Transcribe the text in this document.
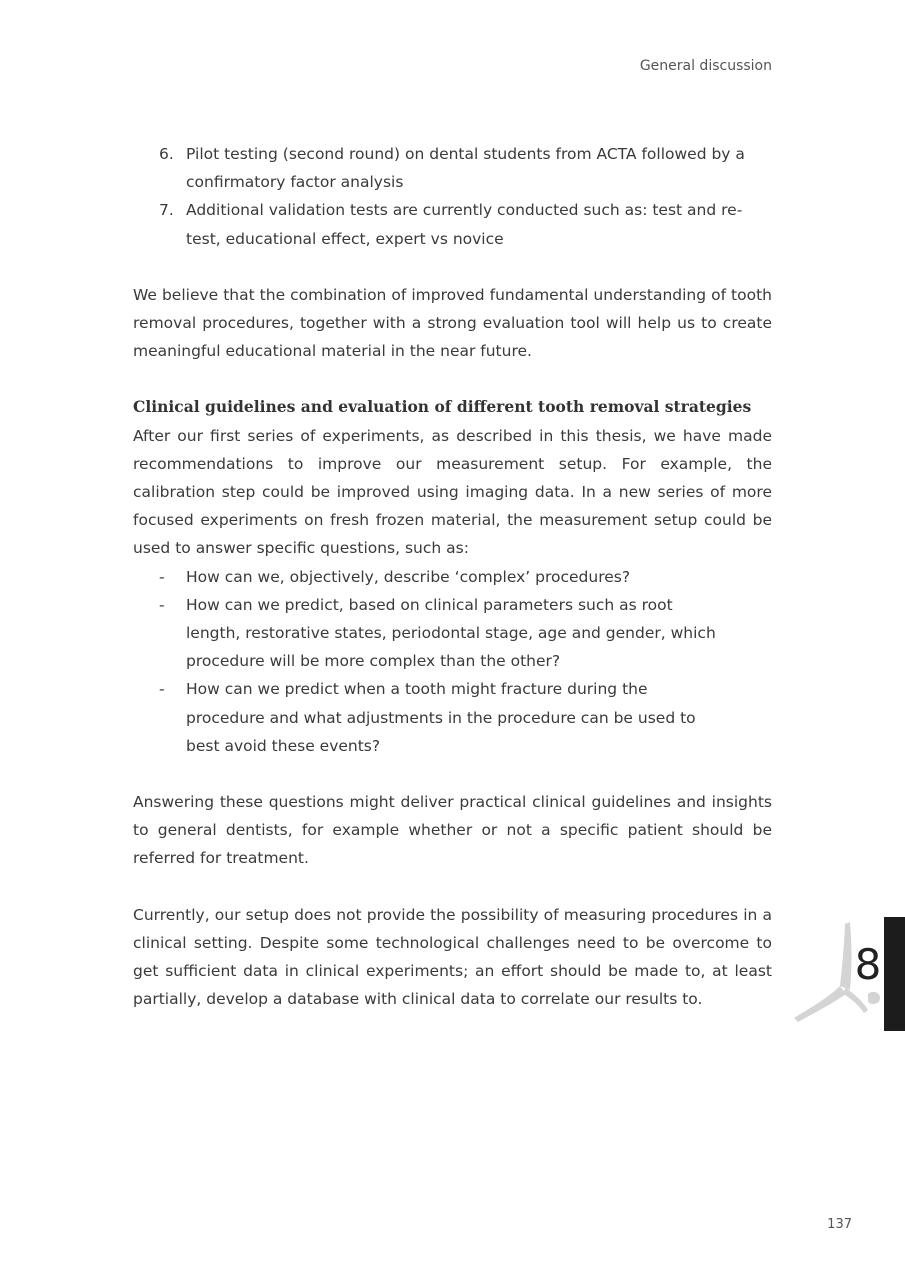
General discussion
6. Pilot testing (second round) on dental students from ACTA followed by a confirmatory factor analysis
7. Additional validation tests are currently conducted such as: test and re-test, educational effect, expert vs novice

We believe that the combination of improved fundamental understanding of tooth removal procedures, together with a strong evaluation tool will help us to create meaningful educational material in the near future.

Clinical guidelines and evaluation of different tooth removal strategies

After our first series of experiments, as described in this thesis, we have made recommendations to improve our measurement setup. For example, the calibration step could be improved using imaging data. In a new series of more focused experiments on fresh frozen material, the measurement setup could be used to answer specific questions, such as:

- How can we, objectively, describe ‘complex’ procedures?
- How can we predict, based on clinical parameters such as root length, restorative states, periodontal stage, age and gender, which procedure will be more complex than the other?
- How can we predict when a tooth might fracture during the procedure and what adjustments in the procedure can be used to best avoid these events?

Answering these questions might deliver practical clinical guidelines and insights to general dentists, for example whether or not a specific patient should be referred for treatment.

Currently, our setup does not provide the possibility of measuring procedures in a clinical setting. Despite some technological challenges need to be overcome to get sufficient data in clinical experiments; an effort should be made to, at least partially, develop a database with clinical data to correlate our results to.

8
137
